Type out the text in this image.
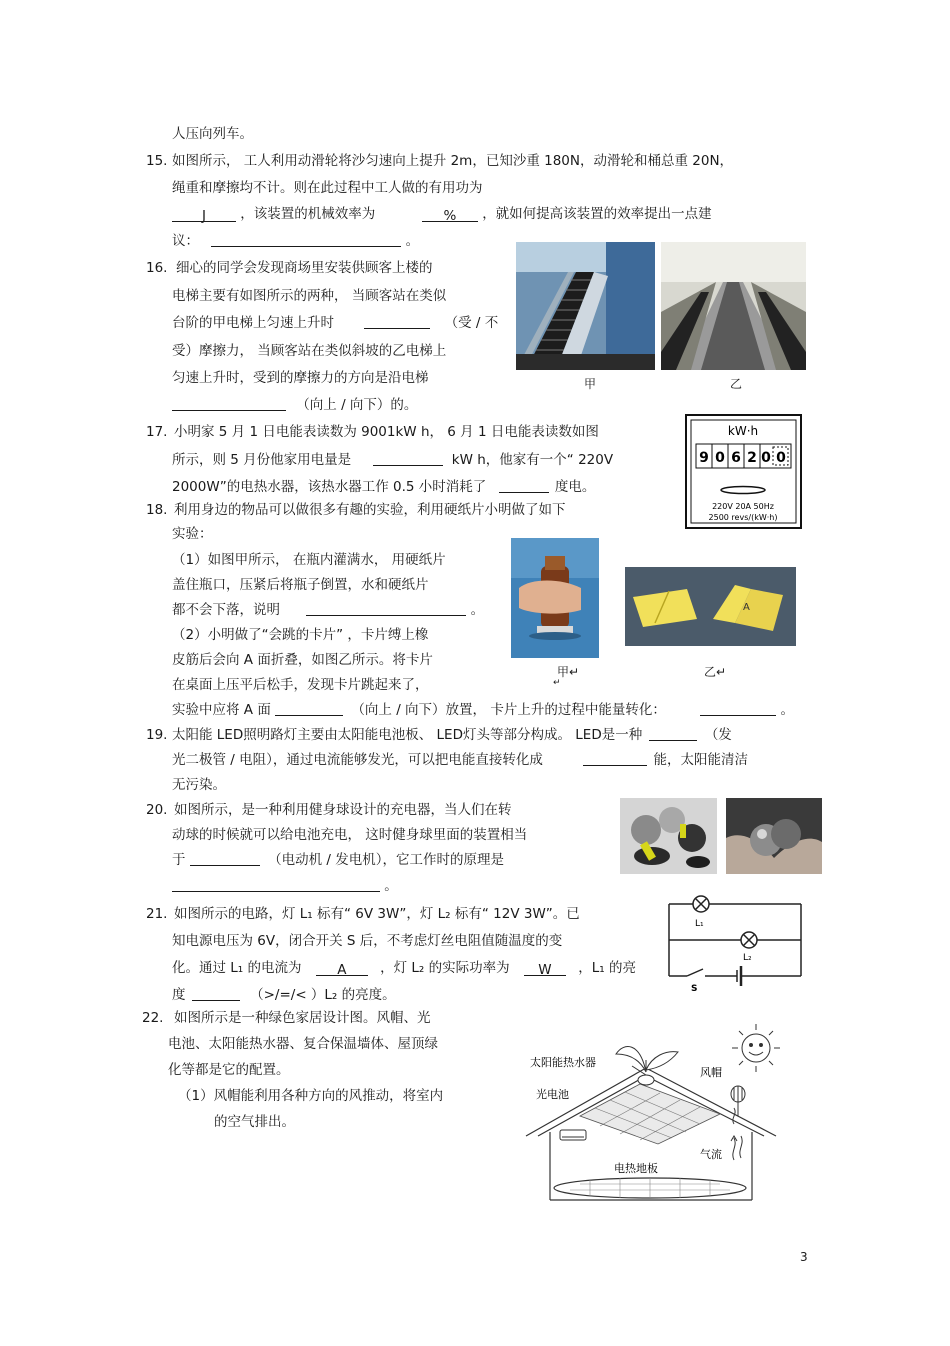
人压向列车。
15. 如图所示， 工人利用动滑轮将沙匀速向上提升 2m，已知沙重 180N，动滑轮和桶总重 20N，
绳重和摩擦均不计。则在此过程中工人做的有用功为
J	，该装置的机械效率为	% ，就如何提高该装置的效率提出一点建
议：	。
16. 细心的同学会发现商场里安装供顾客上楼的
电梯主要有如图所示的两种， 当顾客站在类似
台阶的甲电梯上匀速上升时	（受 / 不
受）摩擦力， 当顾客站在类似斜坡的乙电梯上
匀速上升时，受到的摩擦力的方向是沿电梯
（向上 / 向下）的。
甲	乙
17. 小明家 5 月 1 日电能表读数为 9001kW h， 6 月 1 日电能表读数如图
所示，则 5 月份他家用电量是	kW h，他家有一个“ 220V
2000W”的电热水器，该热水器工作 0.5 小时消耗了	度电。
kW·h
9 0 6 2 0 0
220V 20A 50Hz
2500 revs/(kW·h)
18. 利用身边的物品可以做很多有趣的实验，利用硬纸片小明做了如下
实验：
（1）如图甲所示， 在瓶内灌满水， 用硬纸片
盖住瓶口，压紧后将瓶子倒置，水和硬纸片
都不会下落，说明	。
（2）小明做了“会跳的卡片” ，卡片缚上橡
皮筋后会向 A 面折叠，如图乙所示。将卡片
在桌面上压平后松手，发现卡片跳起来了，
实验中应将 A 面	（向上 / 向下）放置， 卡片上升的过程中能量转化：	。
甲↵
↵
A
乙↵
19. 太阳能 LED照明路灯主要由太阳能电池板、 LED灯头等部分构成。 LED是一种	（发
光二极管 / 电阻），通过电流能够发光，可以把电能直接转化成	能，太阳能清洁
无污染。
20. 如图所示，是一种利用健身球设计的充电器，当人们在转
动球的时候就可以给电池充电， 这时健身球里面的装置相当
于	（电动机 / 发电机），它工作时的原理是
。
21. 如图所示的电路，灯 L₁ 标有“ 6V 3W”，灯 L₂ 标有“ 12V 3W”。已
知电源电压为 6V，闭合开关 S 后，不考虑灯丝电阻值随温度的变
化。通过 L₁ 的电流为	A ，灯 L₂ 的实际功率为 W ，L₁ 的亮
度	（>/=/< ）L₂ 的亮度。
L₁
L₂
S
22. 如图所示是一种绿色家居设计图。风帽、光
电池、太阳能热水器、复合保温墙体、屋顶绿
化等都是它的配置。
（1）风帽能利用各种方向的风推动，将室内
的空气排出。
太阳能热水器
风帽
光电池
气流
电热地板
3
